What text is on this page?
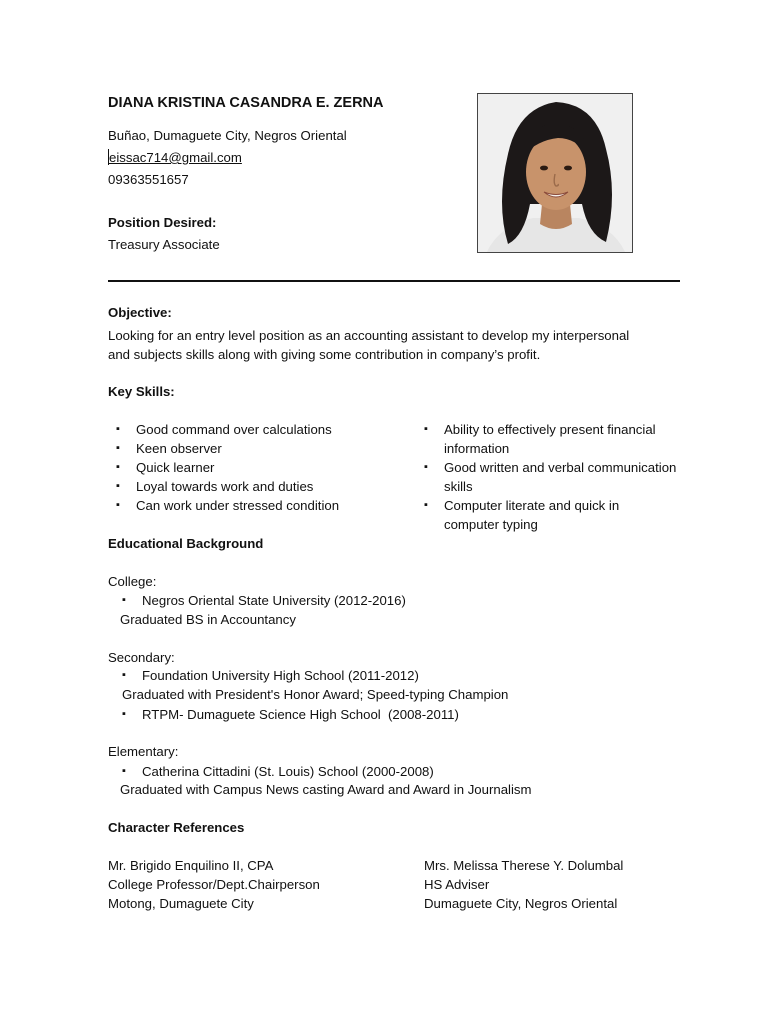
DIANA KRISTINA CASANDRA E. ZERNA
Buñao, Dumaguete City, Negros Oriental
eissac714@gmail.com
09363551657
Position Desired:
Treasury Associate
Objective:
Looking for an entry level position as an accounting assistant to develop my interpersonal
and subjects skills along with giving some contribution in company’s profit.
Key Skills:
▪ Good command over calculations
▪ Keen observer
▪ Quick learner
▪ Loyal towards work and duties
▪ Can work under stressed condition
▪ Ability to effectively present financial information
▪ Good written and verbal communication skills
▪ Computer literate and quick in computer typing
Educational Background
College:
▪ Negros Oriental State University (2012-2016)
Graduated BS in Accountancy
Secondary:
▪ Foundation University High School (2011-2012)
Graduated with President's Honor Award; Speed-typing Champion
▪ RTPM- Dumaguete Science High School  (2008-2011)
Elementary:
▪ Catherina Cittadini (St. Louis) School (2000-2008)
Graduated with Campus News casting Award and Award in Journalism
Character References
Mr. Brigido Enquilino II, CPA
College Professor/Dept.Chairperson
Motong, Dumaguete City
Mrs. Melissa Therese Y. Dolumbal
HS Adviser
Dumaguete City, Negros Oriental
